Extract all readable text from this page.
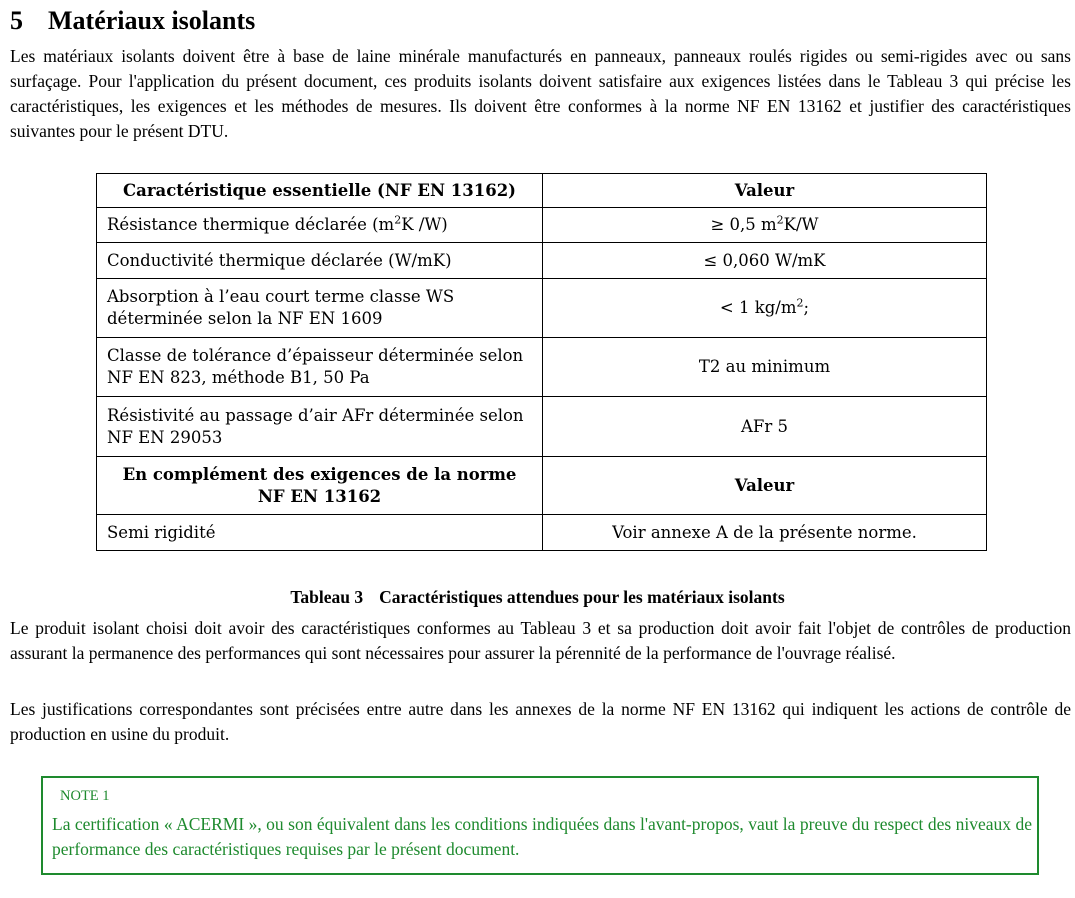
5 Matériaux isolants

Les matériaux isolants doivent être à base de laine minérale manufacturés en panneaux, panneaux roulés rigides ou semi-rigides avec ou sans surfaçage. Pour l'application du présent document, ces produits isolants doivent satisfaire aux exigences listées dans le Tableau 3 qui précise les caractéristiques, les exigences et les méthodes de mesures. Ils doivent être conformes à la norme NF EN 13162 et justifier des caractéristiques suivantes pour le présent DTU.

Caractéristique essentielle (NF EN 13162)	Valeur
Résistance thermique déclarée ($m^2K$ /W)	≥ 0,5 $m^2K/W$
Conductivité thermique déclarée (W/mK)	≤ 0,060 W/mK
Absorption à l’eau court terme classe WS déterminée selon la NF EN 1609	< 1 $kg/m^2$;
Classe de tolérance d’épaisseur déterminée selon NF EN 823, méthode B1, 50 Pa	T2 au minimum
Résistivité au passage d’air AFr déterminée selon NF EN 29053	AFr 5
En complément des exigences de la norme NF EN 13162	Valeur
Semi rigidité	Voir annexe A de la présente norme.

Tableau 3 Caractéristiques attendues pour les matériaux isolants

Le produit isolant choisi doit avoir des caractéristiques conformes au Tableau 3 et sa production doit avoir fait l'objet de contrôles de production assurant la permanence des performances qui sont nécessaires pour assurer la pérennité de la performance de l'ouvrage réalisé.

Les justifications correspondantes sont précisées entre autre dans les annexes de la norme NF EN 13162 qui indiquent les actions de contrôle de production en usine du produit.

NOTE 1

La certification « ACERMI », ou son équivalent dans les conditions indiquées dans l'avant-propos, vaut la preuve du respect des niveaux de performance des caractéristiques requises par le présent document.
